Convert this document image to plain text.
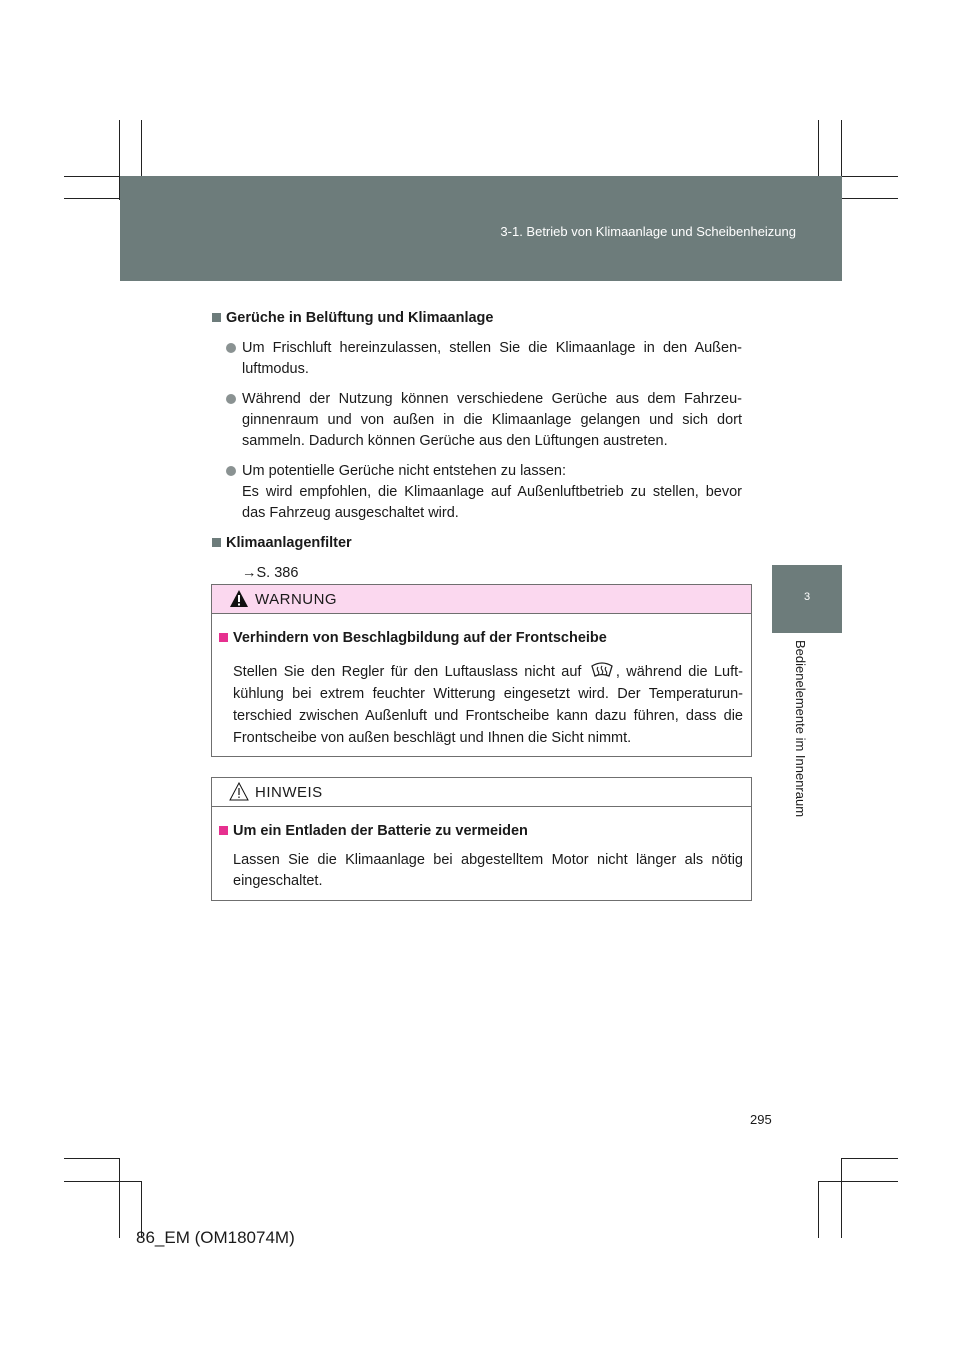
3-1. Betrieb von Klimaanlage und Scheibenheizung
3
Bedienelemente im Innenraum
Gerüche in Belüftung und Klimaanlage
Um Frischluft hereinzulassen, stellen Sie die Klimaanlage in den Außen- luftmodus.
Während der Nutzung können verschiedene Gerüche aus dem Fahrzeu- ginnenraum und von außen in die Klimaanlage gelangen und sich dort sammeln. Dadurch können Gerüche aus den Lüftungen austreten.
Um potentielle Gerüche nicht entstehen zu lassen:
Es wird empfohlen, die Klimaanlage auf Außenluftbetrieb zu stellen, bevor das Fahrzeug ausgeschaltet wird.
Klimaanlagenfilter

→S. 386

WARNUNG
Verhindern von Beschlagbildung auf der Frontscheibe

Stellen Sie den Regler für den Luftauslass nicht auf , während die Luft- kühlung bei extrem feuchter Witterung eingesetzt wird. Der Temperaturun- terschied zwischen Außenluft und Frontscheibe kann dazu führen, dass die Frontscheibe von außen beschlägt und Ihnen die Sicht nimmt.

HINWEIS
Um ein Entladen der Batterie zu vermeiden

Lassen Sie die Klimaanlage bei abgestelltem Motor nicht länger als nötig eingeschaltet.

295
86_EM (OM18074M)
